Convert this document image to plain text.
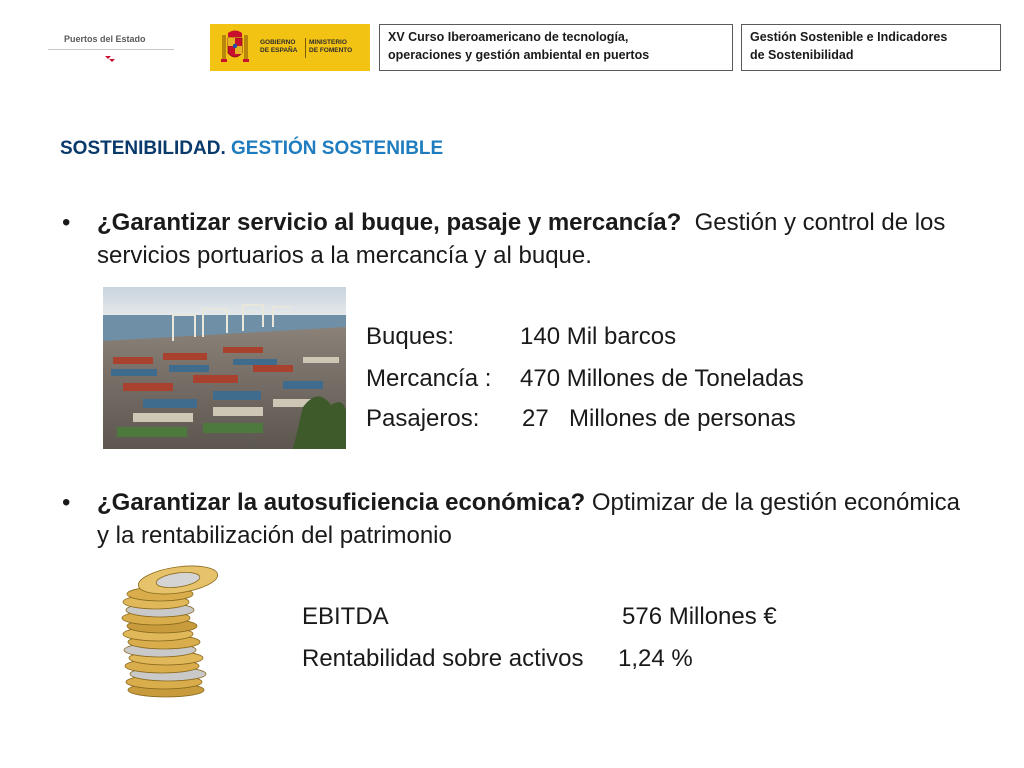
Puertos del Estado	GOBIERNO
DE ESPAÑA
MINISTERIO
DE FOMENTO
XV Curso Iberoamericano de tecnología,
operaciones y gestión ambiental en puertos
Gestión Sostenible e Indicadores
de Sostenibilidad
SOSTENIBILIDAD. GESTIÓN SOSTENIBLE
• ¿Garantizar servicio al buque, pasaje y mercancía? Gestión y control de los servicios portuarios a la mercancía y al buque.
Buques:	140 Mil barcos
Mercancía : 470 Millones de Toneladas
Pasajeros: 27 Millones de personas
• ¿Garantizar la autosuficiencia económica? Optimizar de la gestión económica y la rentabilización del patrimonio
EBITDA	576 Millones €
Rentabilidad sobre activos 1,24 %
